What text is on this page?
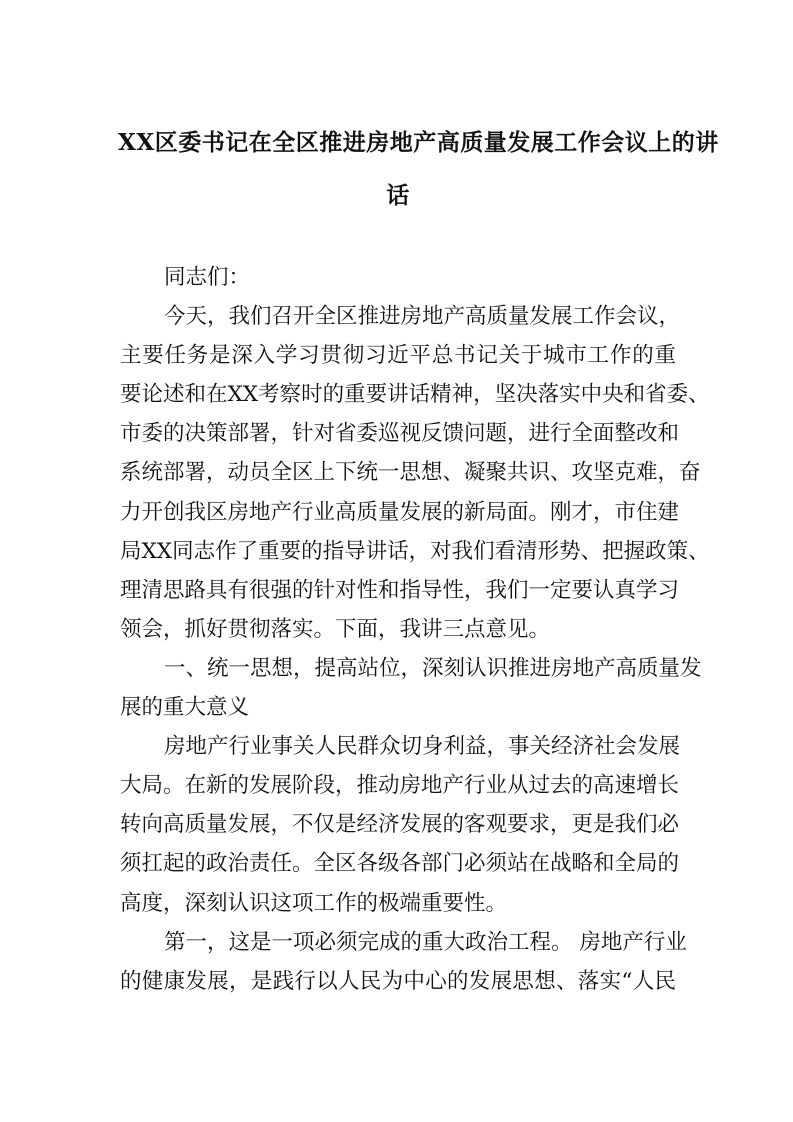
XX区委书记在全区推进房地产高质量发展工作会议上的讲
话
同志们：
今天，我们召开全区推进房地产高质量发展工作会议，
主要任务是深入学习贯彻习近平总书记关于城市工作的重
要论述和在XX考察时的重要讲话精神，坚决落实中央和省委、
市委的决策部署，针对省委巡视反馈问题，进行全面整改和
系统部署，动员全区上下统一思想、凝聚共识、攻坚克难，奋
力开创我区房地产行业高质量发展的新局面。刚才，市住建
局XX同志作了重要的指导讲话，对我们看清形势、把握政策、
理清思路具有很强的针对性和指导性，我们一定要认真学习
领会，抓好贯彻落实。下面，我讲三点意见。
一、统一思想，提高站位，深刻认识推进房地产高质量发
展的重大意义
房地产行业事关人民群众切身利益，事关经济社会发展
大局。在新的发展阶段，推动房地产行业从过去的高速增长
转向高质量发展，不仅是经济发展的客观要求，更是我们必
须扛起的政治责任。全区各级各部门必须站在战略和全局的
高度，深刻认识这项工作的极端重要性。
第一，这是一项必须完成的重大政治工程。 房地产行业
的健康发展，是践行以人民为中心的发展思想、落实“人民
